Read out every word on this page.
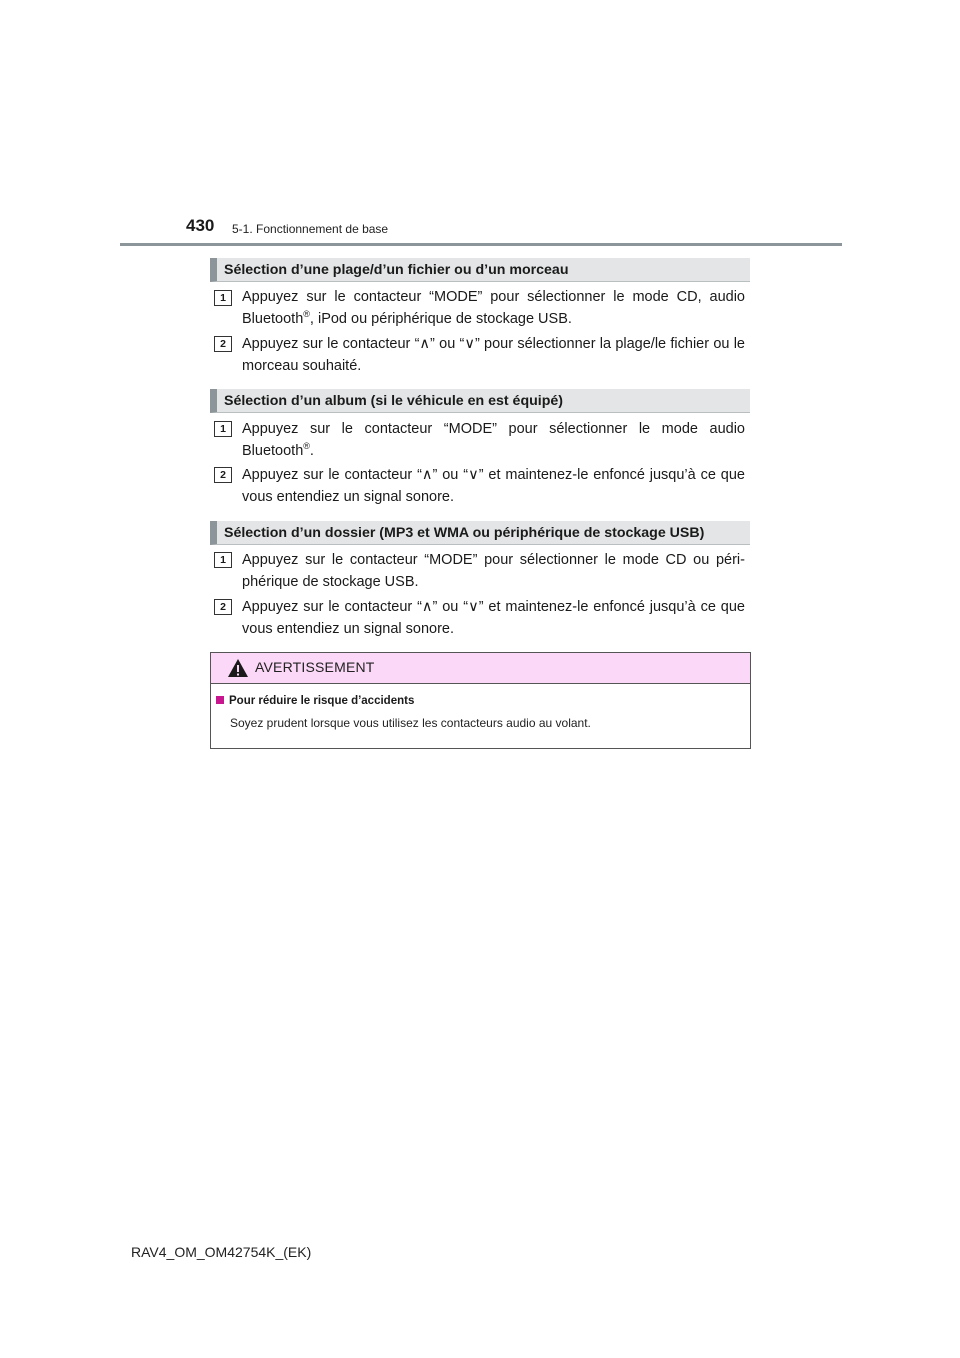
430 5-1. Fonctionnement de base
Sélection d’une plage/d’un fichier ou d’un morceau
1	Appuyez sur le contacteur “MODE” pour sélectionner le mode CD, audio Bluetooth®, iPod ou périphérique de stockage USB.
2	Appuyez sur le contacteur “∧” ou “∨” pour sélectionner la plage/le fichier ou le morceau souhaité.
Sélection d’un album (si le véhicule en est équipé)
1	Appuyez sur le contacteur “MODE” pour sélectionner le mode audio Bluetooth®.
2	Appuyez sur le contacteur “∧” ou “∨” et maintenez-le enfoncé jusqu’à ce que vous entendiez un signal sonore.
Sélection d’un dossier (MP3 et WMA ou périphérique de stockage USB)
1	Appuyez sur le contacteur “MODE” pour sélectionner le mode CD ou péri-phérique de stockage USB.
2	Appuyez sur le contacteur “∧” ou “∨” et maintenez-le enfoncé jusqu’à ce que vous entendiez un signal sonore.
AVERTISSEMENT
Pour réduire le risque d’accidents
Soyez prudent lorsque vous utilisez les contacteurs audio au volant.
RAV4_OM_OM42754K_(EK)
